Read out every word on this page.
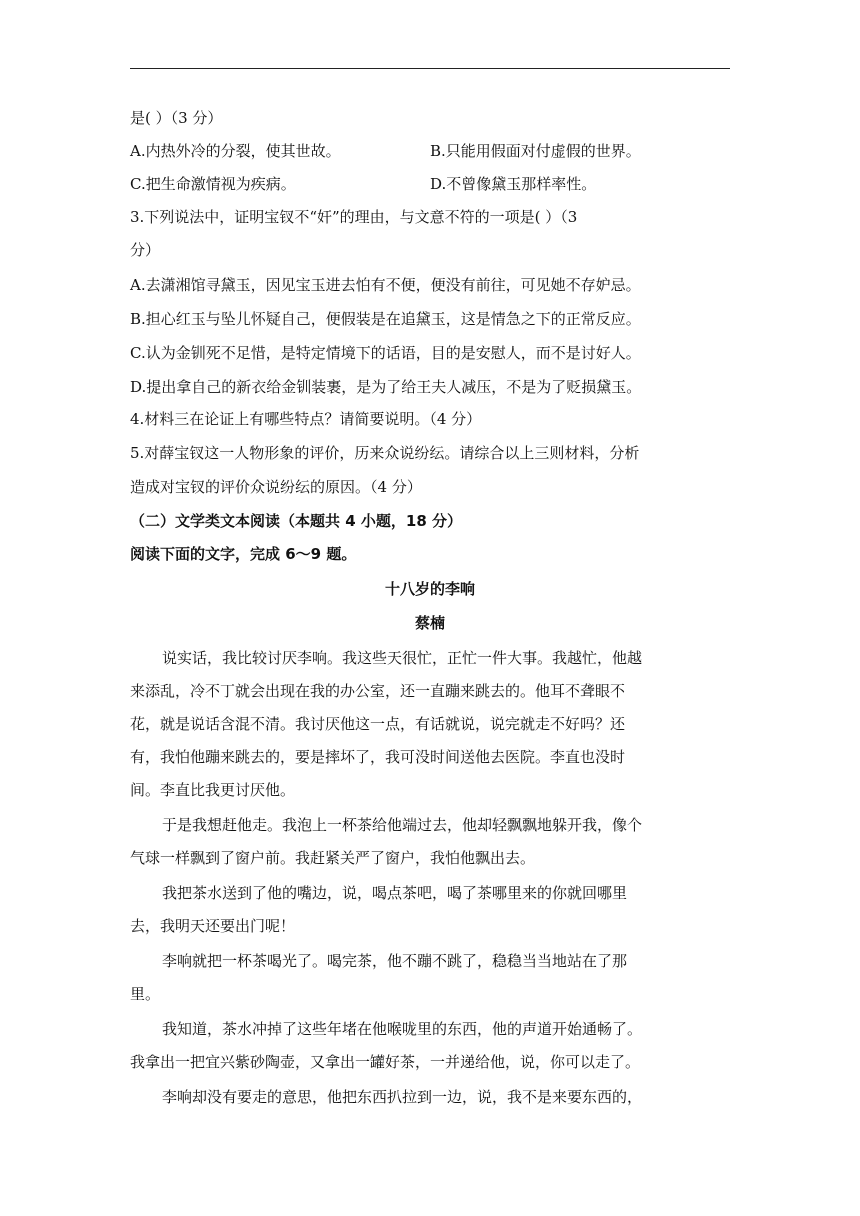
是( ）（3 分）
A.内热外冷的分裂，使其世故。	B.只能用假面对付虚假的世界。
C.把生命激情视为疾病。	D.不曾像黛玉那样率性。
3.下列说法中，证明宝钗不“奸”的理由，与文意不符的一项是( ）（3
分）
A.去潇湘馆寻黛玉，因见宝玉进去怕有不便，便没有前往，可见她不存妒忌。
B.担心红玉与坠儿怀疑自己，便假装是在追黛玉，这是情急之下的正常反应。
C.认为金钏死不足惜，是特定情境下的话语，目的是安慰人，而不是讨好人。
D.提出拿自己的新衣给金钏装裹，是为了给王夫人减压，不是为了贬损黛玉。
4.材料三在论证上有哪些特点？请简要说明。（4 分）
5.对薛宝钗这一人物形象的评价，历来众说纷纭。请综合以上三则材料，分析
造成对宝钗的评价众说纷纭的原因。（4 分）
（二）文学类文本阅读（本题共 4 小题，18 分）
阅读下面的文字，完成 6～9 题。
十八岁的李响
蔡楠
说实话，我比较讨厌李响。我这些天很忙，正忙一件大事。我越忙，他越
来添乱，冷不丁就会出现在我的办公室，还一直蹦来跳去的。他耳不聋眼不
花，就是说话含混不清。我讨厌他这一点，有话就说，说完就走不好吗？还
有，我怕他蹦来跳去的，要是摔坏了，我可没时间送他去医院。李直也没时
间。李直比我更讨厌他。
于是我想赶他走。我泡上一杯茶给他端过去，他却轻飘飘地躲开我，像个
气球一样飘到了窗户前。我赶紧关严了窗户，我怕他飘出去。
我把茶水送到了他的嘴边，说，喝点茶吧，喝了茶哪里来的你就回哪里
去，我明天还要出门呢！
李响就把一杯茶喝光了。喝完茶，他不蹦不跳了，稳稳当当地站在了那
里。
我知道，茶水冲掉了这些年堵在他喉咙里的东西，他的声道开始通畅了。
我拿出一把宜兴紫砂陶壶，又拿出一罐好茶，一并递给他，说，你可以走了。
李响却没有要走的意思，他把东西扒拉到一边，说，我不是来要东西的，
